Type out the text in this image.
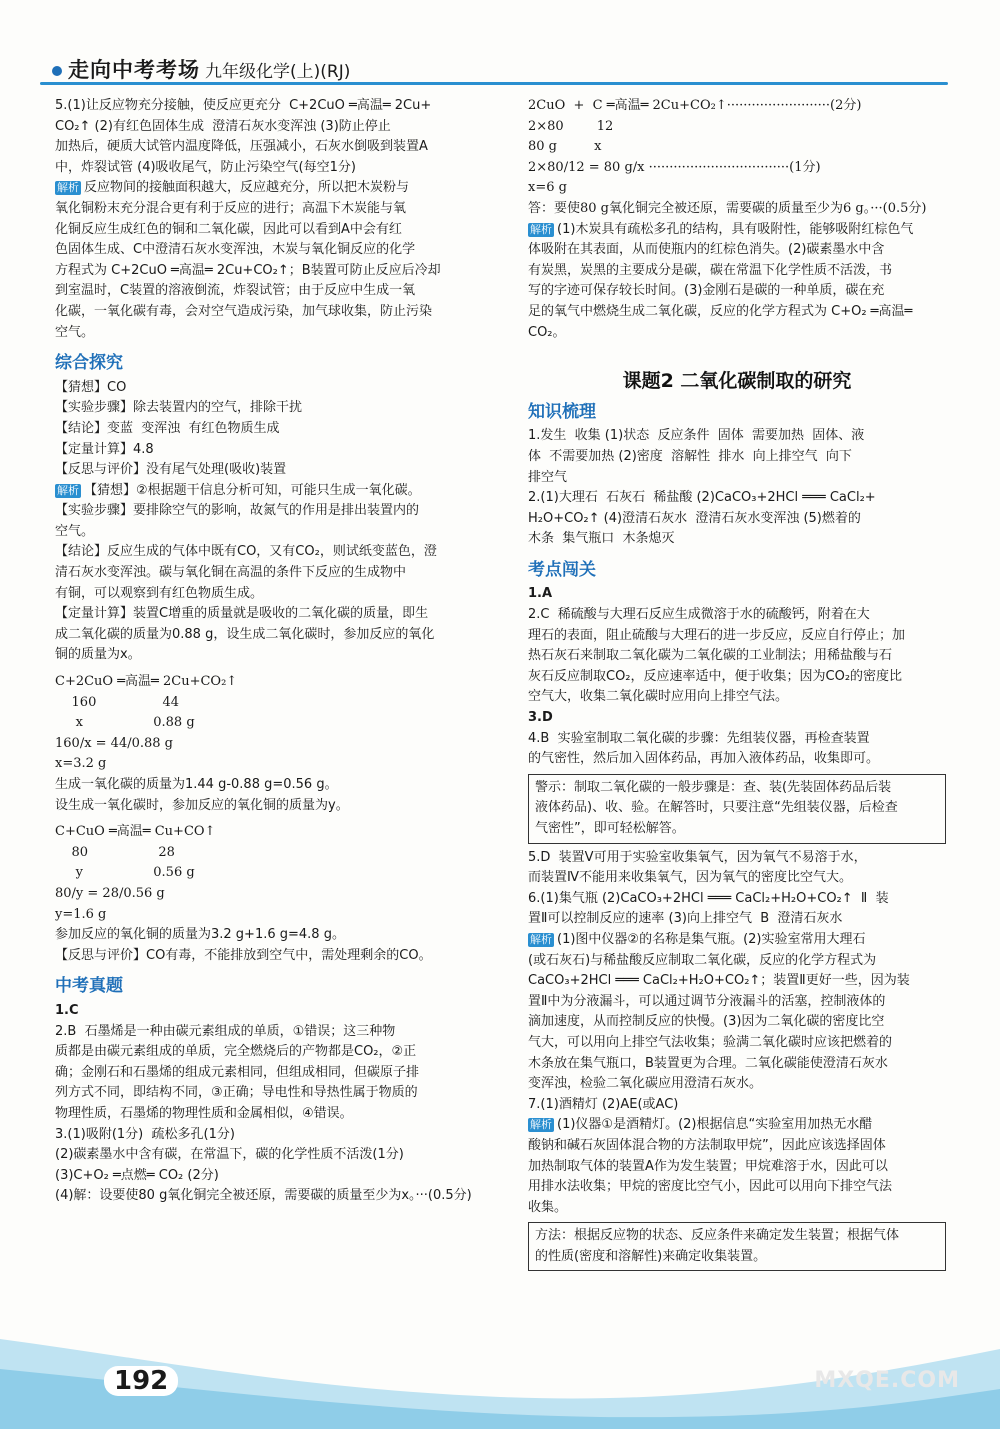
走向中考考场 九年级化学(上)(RJ)
5.(1)让反应物充分接触，使反应更充分  C+2CuO ═高温═ 2Cu+
CO₂↑ (2)有红色固体生成  澄清石灰水变浑浊 (3)防止停止
加热后，硬质大试管内温度降低，压强减小，石灰水倒吸到装置A
中，炸裂试管 (4)吸收尾气，防止污染空气(每空1分)
解析 反应物间的接触面积越大，反应越充分，所以把木炭粉与
氧化铜粉末充分混合更有利于反应的进行；高温下木炭能与氧
化铜反应生成红色的铜和二氧化碳，因此可以看到A中会有红
色固体生成、C中澄清石灰水变浑浊，木炭与氧化铜反应的化学
方程式为 C+2CuO ═高温═ 2Cu+CO₂↑；B装置可防止反应后冷却
到室温时，C装置的溶液倒流，炸裂试管；由于反应中生成一氧
化碳，一氧化碳有毒，会对空气造成污染，加气球收集，防止污染
空气。
综合探究
【猜想】CO
【实验步骤】除去装置内的空气，排除干扰
【结论】变蓝  变浑浊  有红色物质生成
【定量计算】4.8
【反思与评价】没有尾气处理(吸收)装置
解析 【猜想】②根据题干信息分析可知，可能只生成一氧化碳。
【实验步骤】要排除空气的影响，故氮气的作用是排出装置内的
空气。
【结论】反应生成的气体中既有CO，又有CO₂，则试纸变蓝色，澄
清石灰水变浑浊。碳与氧化铜在高温的条件下反应的生成物中
有铜，可以观察到有红色物质生成。
【定量计算】装置C增重的质量就是吸收的二氧化碳的质量，即生
成二氧化碳的质量为0.88 g，设生成二氧化碳时，参加反应的氧化
铜的质量为x。
C+2CuO ═高温═ 2Cu+CO₂↑
160                44
x                 0.88 g
160/x = 44/0.88 g
x=3.2 g
生成一氧化碳的质量为1.44 g-0.88 g=0.56 g。
设生成一氧化碳时，参加反应的氧化铜的质量为y。
C+CuO ═高温═ Cu+CO↑
80                 28
y                 0.56 g
80/y = 28/0.56 g
y=1.6 g
参加反应的氧化铜的质量为3.2 g+1.6 g=4.8 g。
【反思与评价】CO有毒，不能排放到空气中，需处理剩余的CO。
中考真题
1.C
2.B  石墨烯是一种由碳元素组成的单质，①错误；这三种物
质都是由碳元素组成的单质，完全燃烧后的产物都是CO₂，②正
确；金刚石和石墨烯的组成元素相同，但组成相同，但碳原子排
列方式不同，即结构不同，③正确；导电性和导热性属于物质的
物理性质，石墨烯的物理性质和金属相似，④错误。
3.(1)吸附(1分)  疏松多孔(1分)
(2)碳素墨水中含有碳，在常温下，碳的化学性质不活泼(1分)
(3)C+O₂ ═点燃═ CO₂ (2分)
(4)解：设要使80 g氧化铜完全被还原，需要碳的质量至少为x。···(0.5分)
2CuO  +  C ═高温═ 2Cu+CO₂↑·························(2分)
2×80        12
80 g         x
2×80/12 = 80 g/x ··································(1分)
x=6 g
答：要使80 g氧化铜完全被还原，需要碳的质量至少为6 g。···(0.5分)
解析 (1)木炭具有疏松多孔的结构，具有吸附性，能够吸附红棕色气
体吸附在其表面，从而使瓶内的红棕色消失。(2)碳素墨水中含
有炭黑，炭黑的主要成分是碳，碳在常温下化学性质不活泼，书
写的字迹可保存较长时间。(3)金刚石是碳的一种单质，碳在充
足的氧气中燃烧生成二氧化碳，反应的化学方程式为 C+O₂ ═高温═
CO₂。
课题2 二氧化碳制取的研究
知识梳理
1.发生  收集 (1)状态  反应条件  固体  需要加热  固体、液
体  不需要加热 (2)密度  溶解性  排水  向上排空气  向下
排空气
2.(1)大理石  石灰石  稀盐酸 (2)CaCO₃+2HCl ═══ CaCl₂+
H₂O+CO₂↑ (4)澄清石灰水  澄清石灰水变浑浊 (5)燃着的
木条  集气瓶口  木条熄灭
考点闯关
1.A
2.C  稀硫酸与大理石反应生成微溶于水的硫酸钙，附着在大
理石的表面，阻止硫酸与大理石的进一步反应，反应自行停止；加
热石灰石来制取二氧化碳为二氧化碳的工业制法；用稀盐酸与石
灰石反应制取CO₂，反应速率适中，便于收集；因为CO₂的密度比
空气大，收集二氧化碳时应用向上排空气法。
3.D
4.B  实验室制取二氧化碳的步骤：先组装仪器，再检查装置
的气密性，然后加入固体药品，再加入液体药品，收集即可。
警示：制取二氧化碳的一般步骤是：查、装(先装固体药品后装
液体药品)、收、验。在解答时，只要注意“先组装仪器，后检查
气密性”，即可轻松解答。
5.D  装置V可用于实验室收集氧气，因为氧气不易溶于水，
而装置Ⅳ不能用来收集氧气，因为氧气的密度比空气大。
6.(1)集气瓶 (2)CaCO₃+2HCl ═══ CaCl₂+H₂O+CO₂↑  Ⅱ  装
置Ⅱ可以控制反应的速率 (3)向上排空气  B  澄清石灰水
解析 (1)图中仪器②的名称是集气瓶。(2)实验室常用大理石
(或石灰石)与稀盐酸反应制取二氧化碳，反应的化学方程式为
CaCO₃+2HCl ═══ CaCl₂+H₂O+CO₂↑；装置Ⅱ更好一些，因为装
置Ⅱ中为分液漏斗，可以通过调节分液漏斗的活塞，控制液体的
滴加速度，从而控制反应的快慢。(3)因为二氧化碳的密度比空
气大，可以用向上排空气法收集；验满二氧化碳时应该把燃着的
木条放在集气瓶口，B装置更为合理。二氧化碳能使澄清石灰水
变浑浊，检验二氧化碳应用澄清石灰水。
7.(1)酒精灯 (2)AE(或AC)
解析 (1)仪器①是酒精灯。(2)根据信息“实验室用加热无水醋
酸钠和碱石灰固体混合物的方法制取甲烷”，因此应该选择固体
加热制取气体的装置A作为发生装置；甲烷难溶于水，因此可以
用排水法收集；甲烷的密度比空气小，因此可以用向下排空气法
收集。
方法：根据反应物的状态、反应条件来确定发生装置；根据气体
的性质(密度和溶解性)来确定收集装置。
192	MXQE.COM
